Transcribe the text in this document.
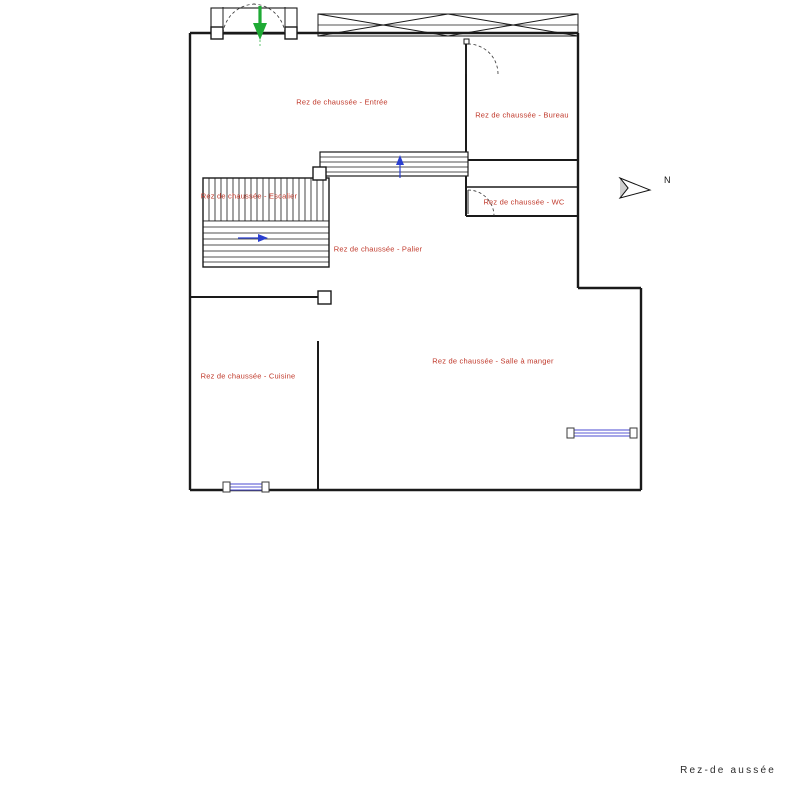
Rez de chaussée - Entrée
Rez de chaussée - Bureau
Rez de chaussée - WC
Rez de chaussée - Escalier
Rez de chaussée - Palier
Rez de chaussée - Cuisine
Rez de chaussée - Salle à manger
N
Rez-de aussée
